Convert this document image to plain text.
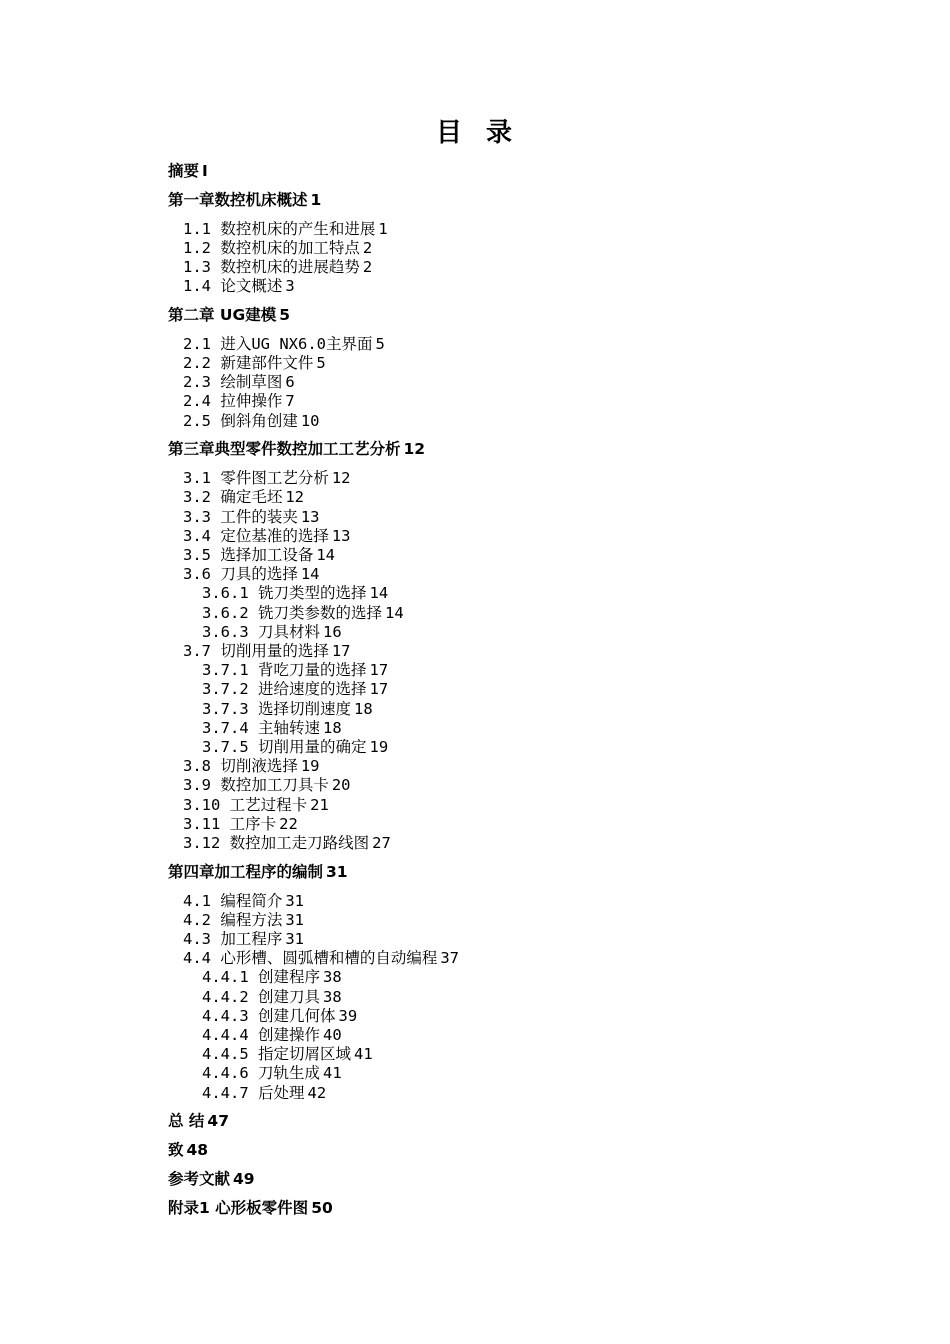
目 录
摘要 I
第一章数控机床概述 1
1.1 数控机床的产生和进展 1
1.2 数控机床的加工特点 2
1.3 数控机床的进展趋势 2
1.4 论文概述 3
第二章 UG建模 5
2.1 进入UG NX6.0主界面 5
2.2 新建部件文件 5
2.3 绘制草图 6
2.4 拉伸操作 7
2.5 倒斜角创建 10
第三章典型零件数控加工工艺分析 12
3.1 零件图工艺分析 12
3.2 确定毛坯 12
3.3 工件的装夹 13
3.4 定位基准的选择 13
3.5 选择加工设备 14
3.6 刀具的选择 14
3.6.1 铣刀类型的选择 14
3.6.2 铣刀类参数的选择 14
3.6.3 刀具材料 16
3.7 切削用量的选择 17
3.7.1 背吃刀量的选择 17
3.7.2 进给速度的选择 17
3.7.3 选择切削速度 18
3.7.4 主轴转速 18
3.7.5 切削用量的确定 19
3.8 切削液选择 19
3.9 数控加工刀具卡 20
3.10 工艺过程卡 21
3.11 工序卡 22
3.12 数控加工走刀路线图 27
第四章加工程序的编制 31
4.1 编程简介 31
4.2 编程方法 31
4.3 加工程序 31
4.4 心形槽、圆弧槽和槽的自动编程 37
4.4.1 创建程序 38
4.4.2 创建刀具 38
4.4.3 创建几何体 39
4.4.4 创建操作 40
4.4.5 指定切屑区域 41
4.4.6 刀轨生成 41
4.4.7 后处理 42
总 结 47
致 48
参考文献 49
附录1 心形板零件图 50
